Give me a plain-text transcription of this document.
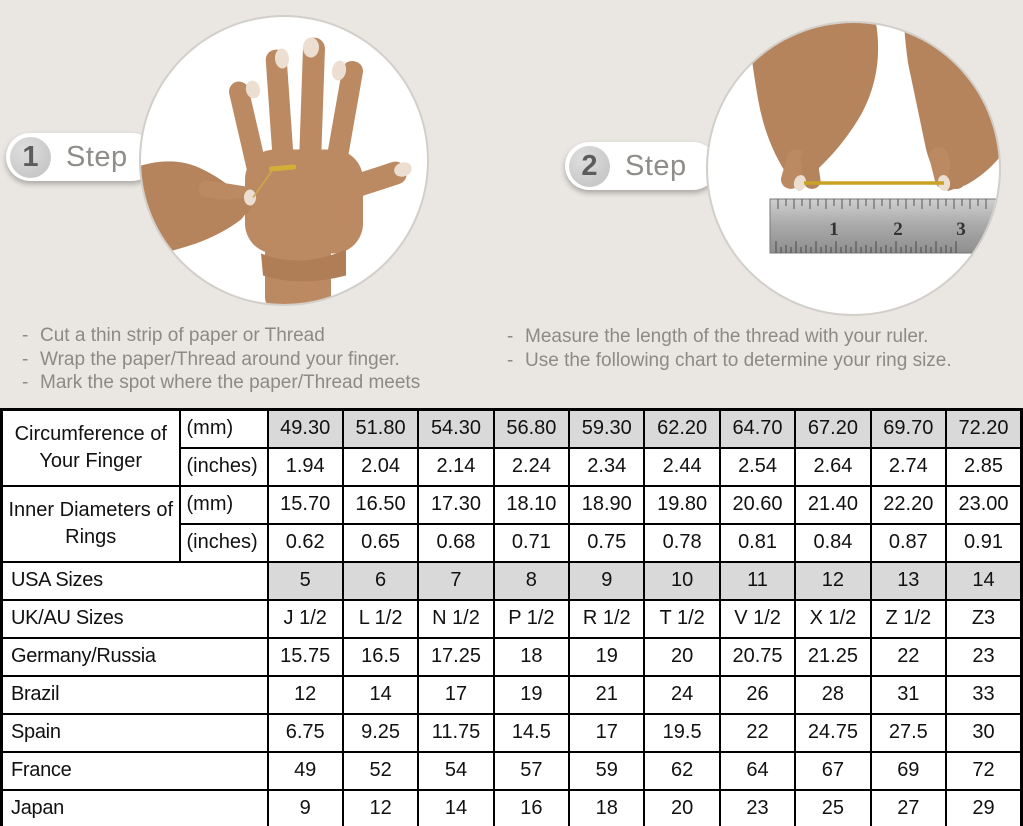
1 Step	2 Step
1	2	3
- Cut a thin strip of paper or Thread
- Wrap the paper/Thread around your finger.
- Mark the spot where the paper/Thread meets
- Measure the length of the thread with your ruler.
- Use the following chart to determine your ring size.
Circumference of Your Finger	(mm)	49.30	51.80	54.30	56.80	59.30	62.20	64.70	67.20	69.70	72.20
	(inches)	1.94	2.04	2.14	2.24	2.34	2.44	2.54	2.64	2.74	2.85
Inner Diameters of Rings	(mm)	15.70	16.50	17.30	18.10	18.90	19.80	20.60	21.40	22.20	23.00
	(inches)	0.62	0.65	0.68	0.71	0.75	0.78	0.81	0.84	0.87	0.91
USA Sizes		5	6	7	8	9	10	11	12	13	14
UK/AU Sizes		J 1/2	L 1/2	N 1/2	P 1/2	R 1/2	T 1/2	V 1/2	X 1/2	Z 1/2	Z3
Germany/Russia		15.75	16.5	17.25	18	19	20	20.75	21.25	22	23
Brazil		12	14	17	19	21	24	26	28	31	33
Spain		6.75	9.25	11.75	14.5	17	19.5	22	24.75	27.5	30
France		49	52	54	57	59	62	64	67	69	72
Japan		9	12	14	16	18	20	23	25	27	29
